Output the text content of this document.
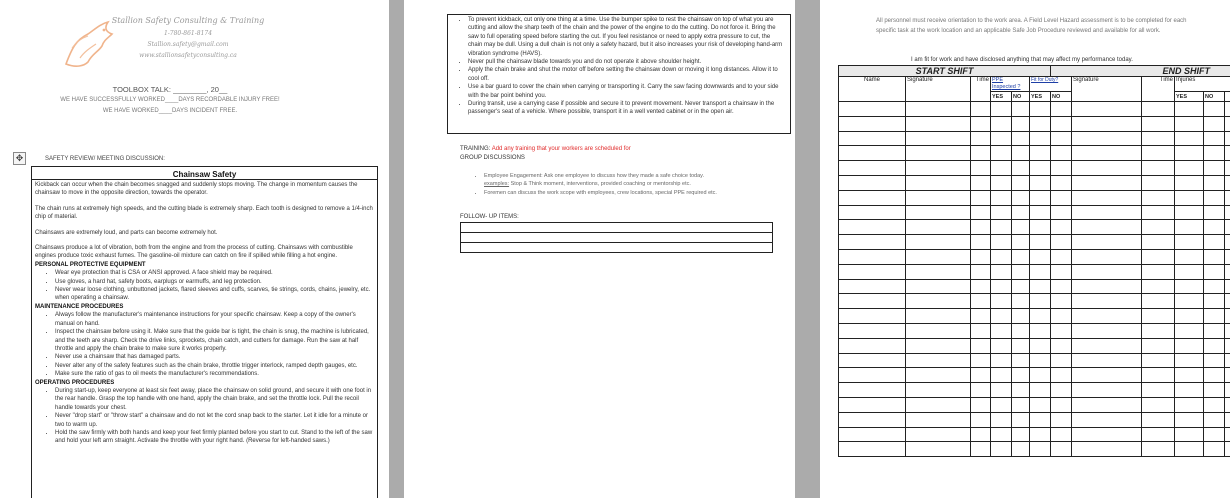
Stallion Safety Consulting & Training
1-780-861-8174
Stallion.safety@gmail.com
www.stallionsafetyconsulting.ca
TOOLBOX TALK: ________, 20__
WE HAVE SUCCESSFULLY WORKED____DAYS RECORDABLE INJURY FREE!
WE HAVE WORKED____DAYS INCIDENT FREE.
✥	SAFETY REVIEW/ MEETING DISCUSSION:
Chainsaw Safety

Kickback can occur when the chain becomes snagged and suddenly stops moving. The change in momentum causes the chainsaw to move in the opposite direction, towards the operator.

The chain runs at extremely high speeds, and the cutting blade is extremely sharp. Each tooth is designed to remove a 1/4-inch chip of material.

Chainsaws are extremely loud, and parts can become extremely hot.

Chainsaws produce a lot of vibration, both from the engine and from the process of cutting. Chainsaws with combustible engines produce toxic exhaust fumes. The gasoline-oil mixture can catch on fire if spilled while filling a hot engine.

PERSONAL PROTECTIVE EQUIPMENT
• Wear eye protection that is CSA or ANSI approved. A face shield may be required.
• Use gloves, a hard hat, safety boots, earplugs or earmuffs, and leg protection.
• Never wear loose clothing, unbuttoned jackets, flared sleeves and cuffs, scarves, tie strings, cords, chains, jewelry, etc. when operating a chainsaw.
MAINTENANCE PROCEDURES
• Always follow the manufacturer's maintenance instructions for your specific chainsaw. Keep a copy of the owner's manual on hand.
• Inspect the chainsaw before using it. Make sure that the guide bar is tight, the chain is snug, the machine is lubricated, and the teeth are sharp. Check the drive links, sprockets, chain catch, and cutters for damage. Run the saw at half throttle and apply the chain brake to make sure it works properly.
• Never use a chainsaw that has damaged parts.
• Never alter any of the safety features such as the chain brake, throttle trigger interlock, ramped depth gauges, etc.
• Make sure the ratio of gas to oil meets the manufacturer's recommendations.
OPERATING PROCEDURES
• During start-up, keep everyone at least six feet away, place the chainsaw on solid ground, and secure it with one foot in the rear handle. Grasp the top handle with one hand, apply the chain brake, and set the throttle lock. Pull the recoil handle towards your chest.
• Never "drop start" or "throw start" a chainsaw and do not let the cord snap back to the starter. Let it idle for a minute or two to warm up.
• Hold the saw firmly with both hands and keep your feet firmly planted before you start to cut. Stand to the left of the saw and hold your left arm straight. Activate the throttle with your right hand. (Reverse for left-handed saws.)
• To prevent kickback, cut only one thing at a time. Use the bumper spike to rest the chainsaw on top of what you are cutting and allow the sharp teeth of the chain and the power of the engine to do the cutting. Do not force it. Bring the saw to full operating speed before starting the cut. If you feel resistance or need to apply extra pressure to cut, the chain may be dull. Using a dull chain is not only a safety hazard, but it also increases your risk of developing hand-arm vibration syndrome (HAVS).
• Never pull the chainsaw blade towards you and do not operate it above shoulder height.
• Apply the chain brake and shut the motor off before setting the chainsaw down or moving it long distances. Allow it to cool off.
• Use a bar guard to cover the chain when carrying or transporting it. Carry the saw facing downwards and to your side with the bar point behind you.
• During transit, use a carrying case if possible and secure it to prevent movement. Never transport a chainsaw in the passenger's seat of a vehicle. Where possible, transport it in a well vented cabinet or in the open air.
TRAINING: Add any training that your workers are scheduled for
GROUP DISCUSSIONS
• Employee Engagement: Ask one employee to discuss how they made a safe choice today.
examples: Stop & Think moment, interventions, provided coaching or mentorship etc.
• Foremen can discuss the work scope with employees, crew locations, special PPE required etc.
FOLLOW- UP ITEMS:

All personnel must receive orientation to the work area. A Field Level Hazard assessment is to be completed for each specific task at the work location and an applicable Safe Job Procedure reviewed and available for all work.
I am fit for work and have disclosed anything that may affect my performance today.
START SHIFT						END SHIFT					
Name	Signature	Time	PPE Inspected ?		Fit for Duty?		Signature	Time	Injuries		
			YES	NO	YES	NO			YES	NO	
